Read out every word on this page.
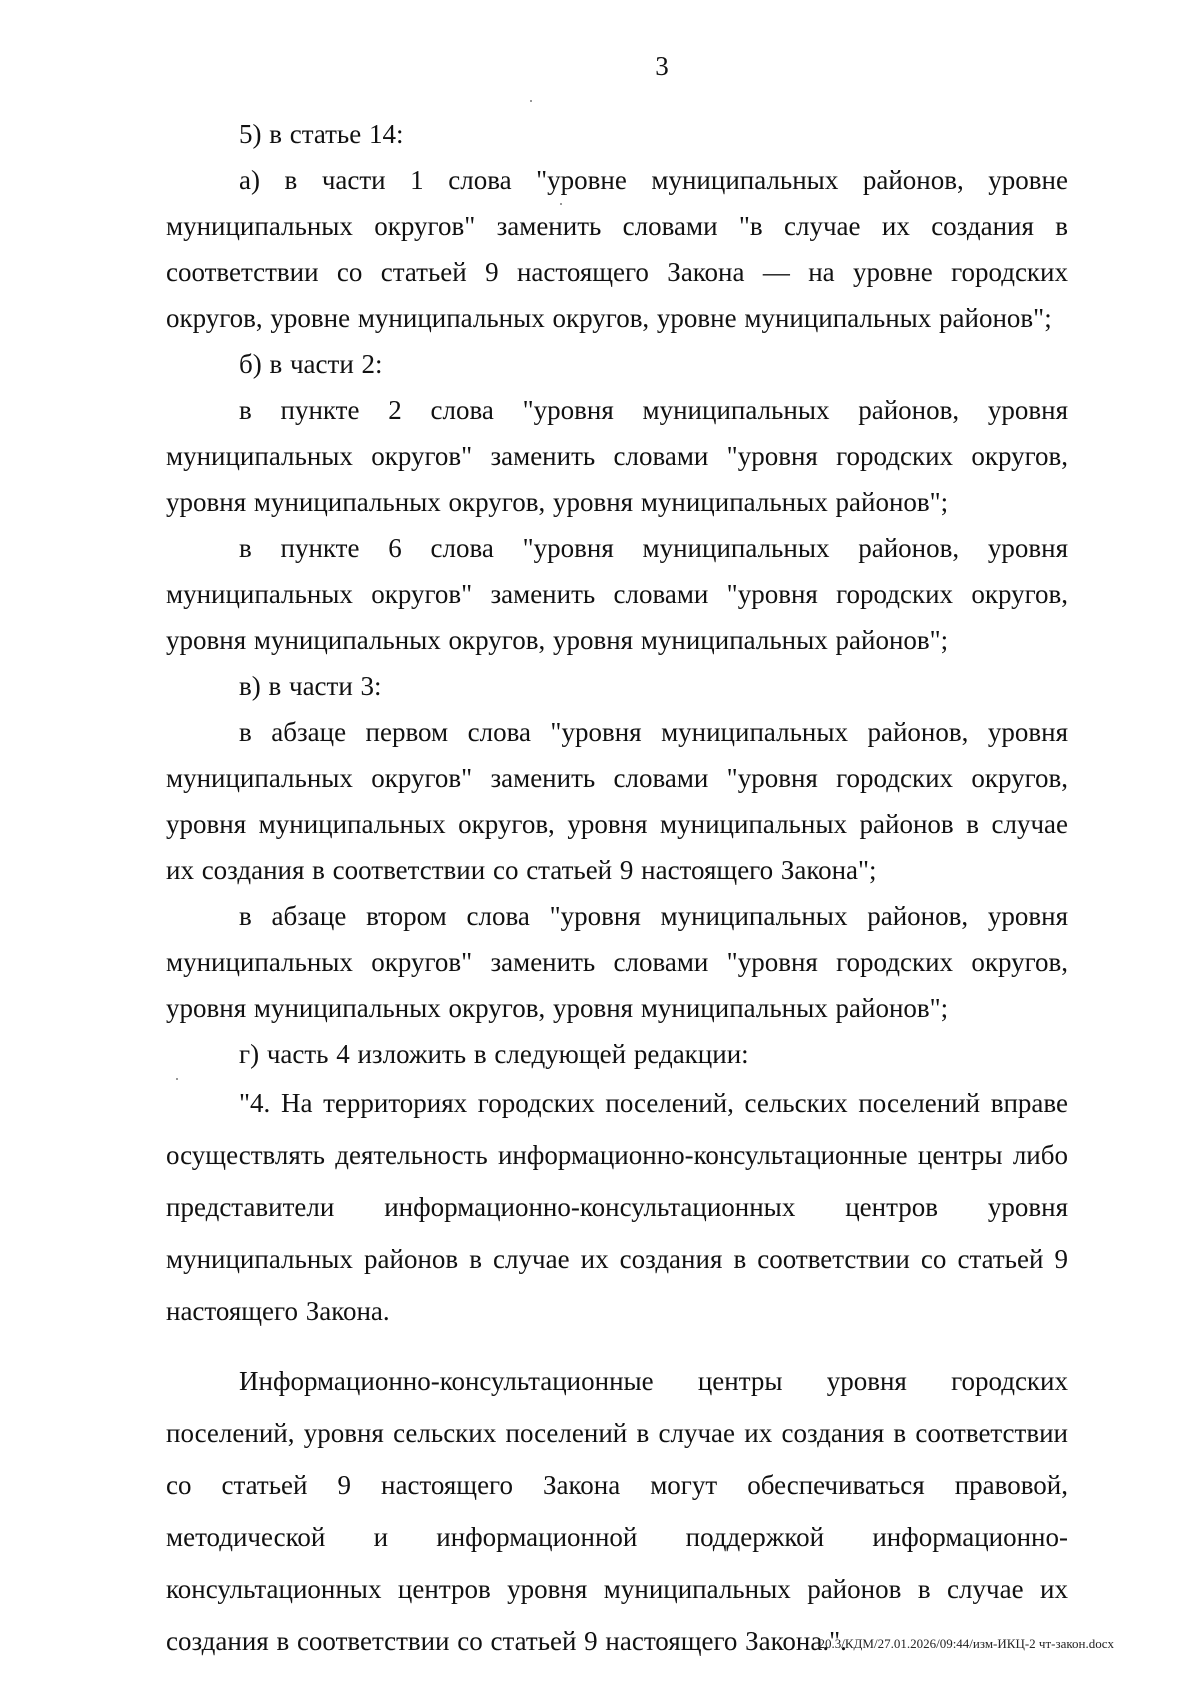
3

5) в статье 14:

а) в части 1 слова "уровне муниципальных районов, уровне муниципальных округов" заменить словами "в случае их создания в соответствии со статьей 9 настоящего Закона — на уровне городских округов, уровне муниципальных округов, уровне муниципальных районов";

б) в части 2:

в пункте 2 слова "уровня муниципальных районов, уровня муниципальных округов" заменить словами "уровня городских округов, уровня муниципальных округов, уровня муниципальных районов";

в пункте 6 слова "уровня муниципальных районов, уровня муниципальных округов" заменить словами "уровня городских округов, уровня муниципальных округов, уровня муниципальных районов";

в) в части 3:

в абзаце первом слова "уровня муниципальных районов, уровня муниципальных округов" заменить словами "уровня городских округов, уровня муниципальных округов, уровня муниципальных районов в случае их создания в соответствии со статьей 9 настоящего Закона";

в абзаце втором слова "уровня муниципальных районов, уровня муниципальных округов" заменить словами "уровня городских округов, уровня муниципальных округов, уровня муниципальных районов";

г) часть 4 изложить в следующей редакции:

"4. На территориях городских поселений, сельских поселений вправе осуществлять деятельность информационно-консультационные центры либо представители информационно-консультационных центров уровня муниципальных районов в случае их создания в соответствии со статьей 9 настоящего Закона.

Информационно-консультационные центры уровня городских поселений, уровня сельских поселений в случае их создания в соответствии со статьей 9 настоящего Закона могут обеспечиваться правовой, методической и информационной поддержкой информационно-консультационных центров уровня муниципальных районов в случае их создания в соответствии со статьей 9 настоящего Закона.".

20.3/КДМ/27.01.2026/09:44/изм-ИКЦ-2 чт-закон.docx
